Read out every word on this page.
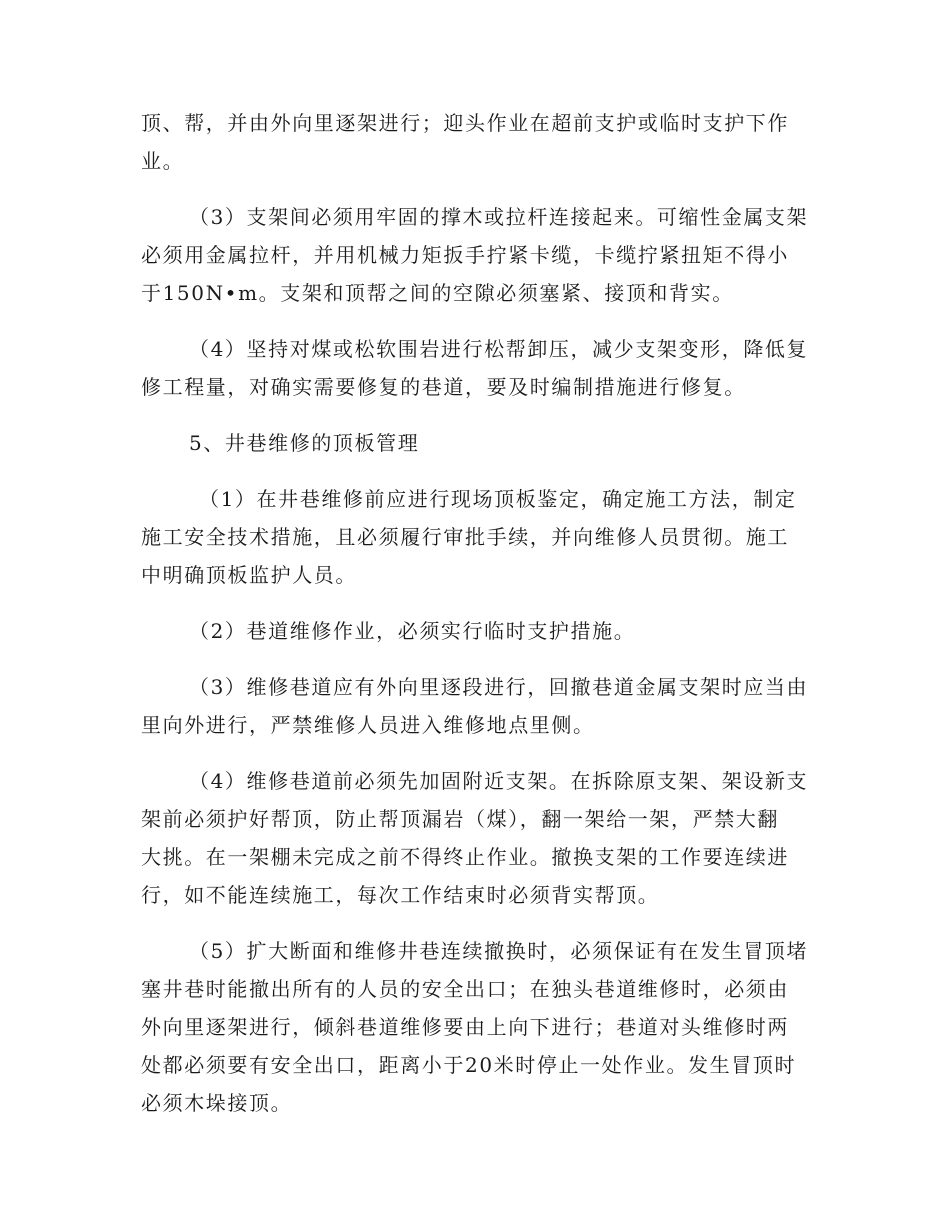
顶、帮，并由外向里逐架进行；迎头作业在超前支护或临时支护下作
业。

（3）支架间必须用牢固的撑木或拉杆连接起来。可缩性金属支架
必须用金属拉杆，并用机械力矩扳手拧紧卡缆，卡缆拧紧扭矩不得小
于150N•m。支架和顶帮之间的空隙必须塞紧、接顶和背实。

（4）坚持对煤或松软围岩进行松帮卸压，减少支架变形，降低复
修工程量，对确实需要修复的巷道，要及时编制措施进行修复。

5、井巷维修的顶板管理

（1）在井巷维修前应进行现场顶板鉴定，确定施工方法，制定
施工安全技术措施，且必须履行审批手续，并向维修人员贯彻。施工
中明确顶板监护人员。

（2）巷道维修作业，必须实行临时支护措施。

（3）维修巷道应有外向里逐段进行，回撤巷道金属支架时应当由
里向外进行，严禁维修人员进入维修地点里侧。

（4）维修巷道前必须先加固附近支架。在拆除原支架、架设新支
架前必须护好帮顶，防止帮顶漏岩（煤），翻一架给一架，严禁大翻
大挑。在一架棚未完成之前不得终止作业。撤换支架的工作要连续进
行，如不能连续施工，每次工作结束时必须背实帮顶。

（5）扩大断面和维修井巷连续撤换时，必须保证有在发生冒顶堵
塞井巷时能撤出所有的人员的安全出口；在独头巷道维修时，必须由
外向里逐架进行，倾斜巷道维修要由上向下进行；巷道对头维修时两
处都必须要有安全出口，距离小于20米时停止一处作业。发生冒顶时
必须木垛接顶。
